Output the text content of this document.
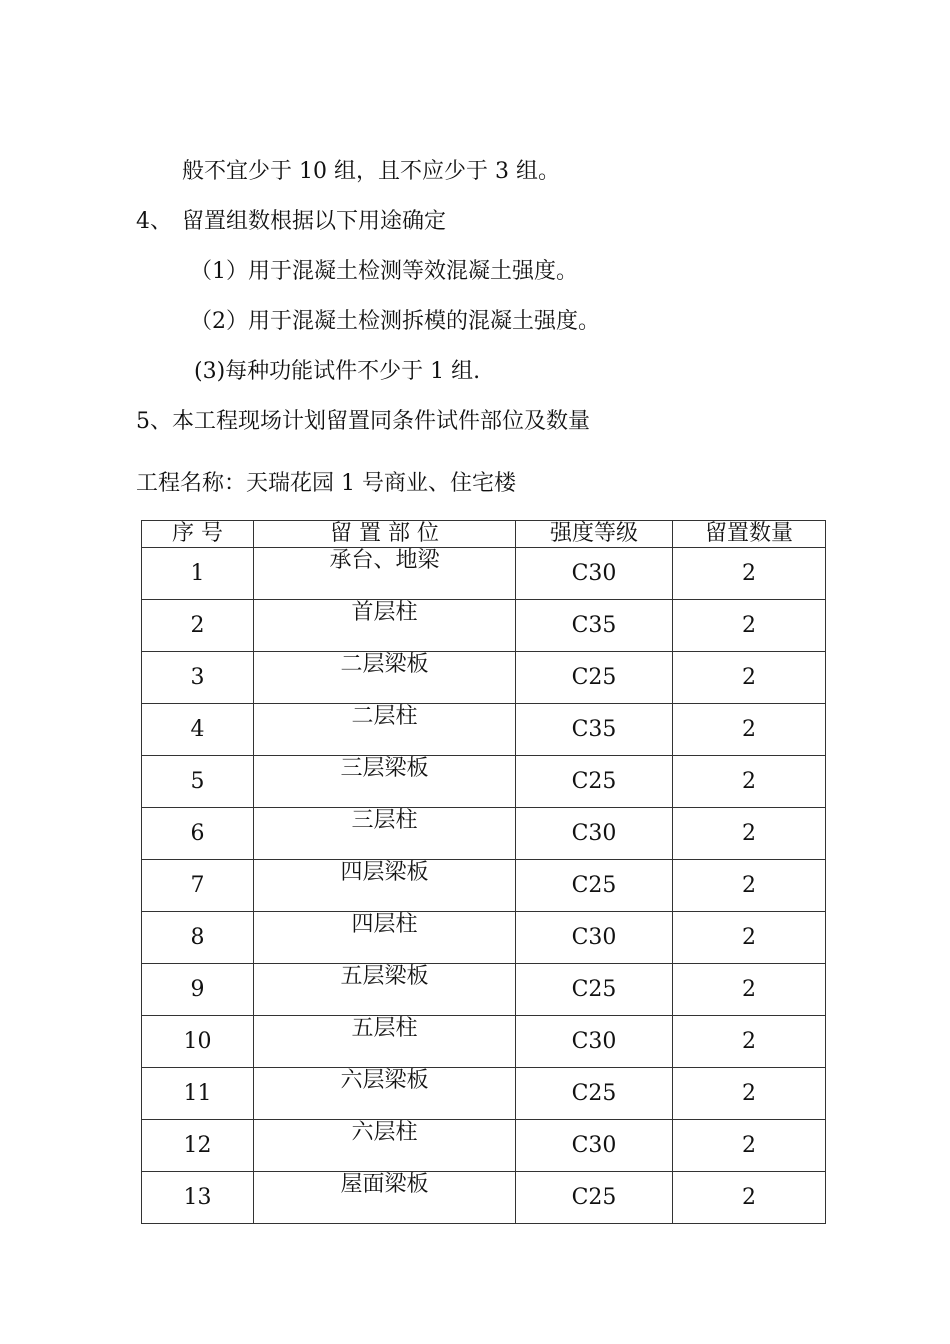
般不宜少于 10 组，且不应少于 3 组。
4、 留置组数根据以下用途确定
（1）用于混凝土检测等效混凝土强度。
（2）用于混凝土检测拆模的混凝土强度。
(3)每种功能试件不少于 1 组.
5、本工程现场计划留置同条件试件部位及数量
工程名称：天瑞花园 1 号商业、住宅楼
序 号	留 置 部 位	强度等级	留置数量
1	承台、地梁	C30	2
2	首层柱	C35	2
3	二层梁板	C25	2
4	二层柱	C35	2
5	三层梁板	C25	2
6	三层柱	C30	2
7	四层梁板	C25	2
8	四层柱	C30	2
9	五层梁板	C25	2
10	五层柱	C30	2
11	六层梁板	C25	2
12	六层柱	C30	2
13	屋面梁板	C25	2
